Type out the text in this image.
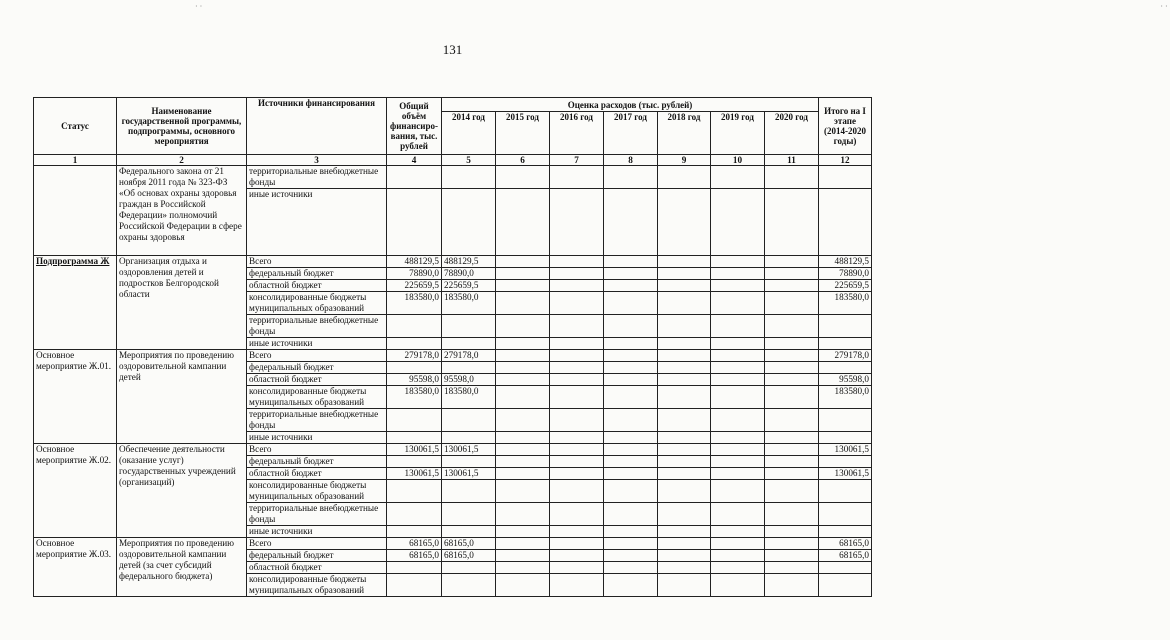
··                                                                                                                                                                                                                                               ··
131
Статус	Наименование государственной программы, подпрограммы, основного мероприятия	Источники финансирования	Общий объём финансиро-вания, тыс. рублей	Оценка расходов (тыс. рублей)							Итого на I этапе (2014-2020 годы)
				2014 год	2015 год	2016 год	2017 год	2018 год	2019 год	2020 год	
1	2	3	4	5	6	7	8	9	10	11	12
	Федерального закона от 21 ноября 2011 года № 323-ФЗ «Об основах охраны здоровья граждан в Российской Федерации» полномочий Российской Федерации в сфере охраны здоровья	территориальные внебюджетные фонды									
		иные источники									
Подпрограмма Ж	Организация отдыха и оздоровления детей и подростков Белгородской области	Всего	488129,5	488129,5							488129,5
		федеральный бюджет	78890,0	78890,0							78890,0
		областной бюджет	225659,5	225659,5							225659,5
		консолидированные бюджеты муниципальных образований	183580,0	183580,0							183580,0
		территориальные внебюджетные фонды									
		иные источники									
Основное мероприятие Ж.01.	Мероприятия по проведению оздоровительной кампании детей	Всего	279178,0	279178,0							279178,0
		федеральный бюджет									
		областной бюджет	95598,0	95598,0							95598,0
		консолидированные бюджеты муниципальных образований	183580,0	183580,0							183580,0
		территориальные внебюджетные фонды									
		иные источники									
Основное мероприятие Ж.02.	Обеспечение деятельности (оказание услуг) государственных учреждений (организаций)	Всего	130061,5	130061,5							130061,5
		федеральный бюджет									
		областной бюджет	130061,5	130061,5							130061,5
		консолидированные бюджеты муниципальных образований									
		территориальные внебюджетные фонды									
		иные источники									
Основное мероприятие Ж.03.	Мероприятия по проведению оздоровительной кампании детей (за счет субсидий федерального бюджета)	Всего	68165,0	68165,0							68165,0
		федеральный бюджет	68165,0	68165,0							68165,0
		областной бюджет									
		консолидированные бюджеты муниципальных образований									
